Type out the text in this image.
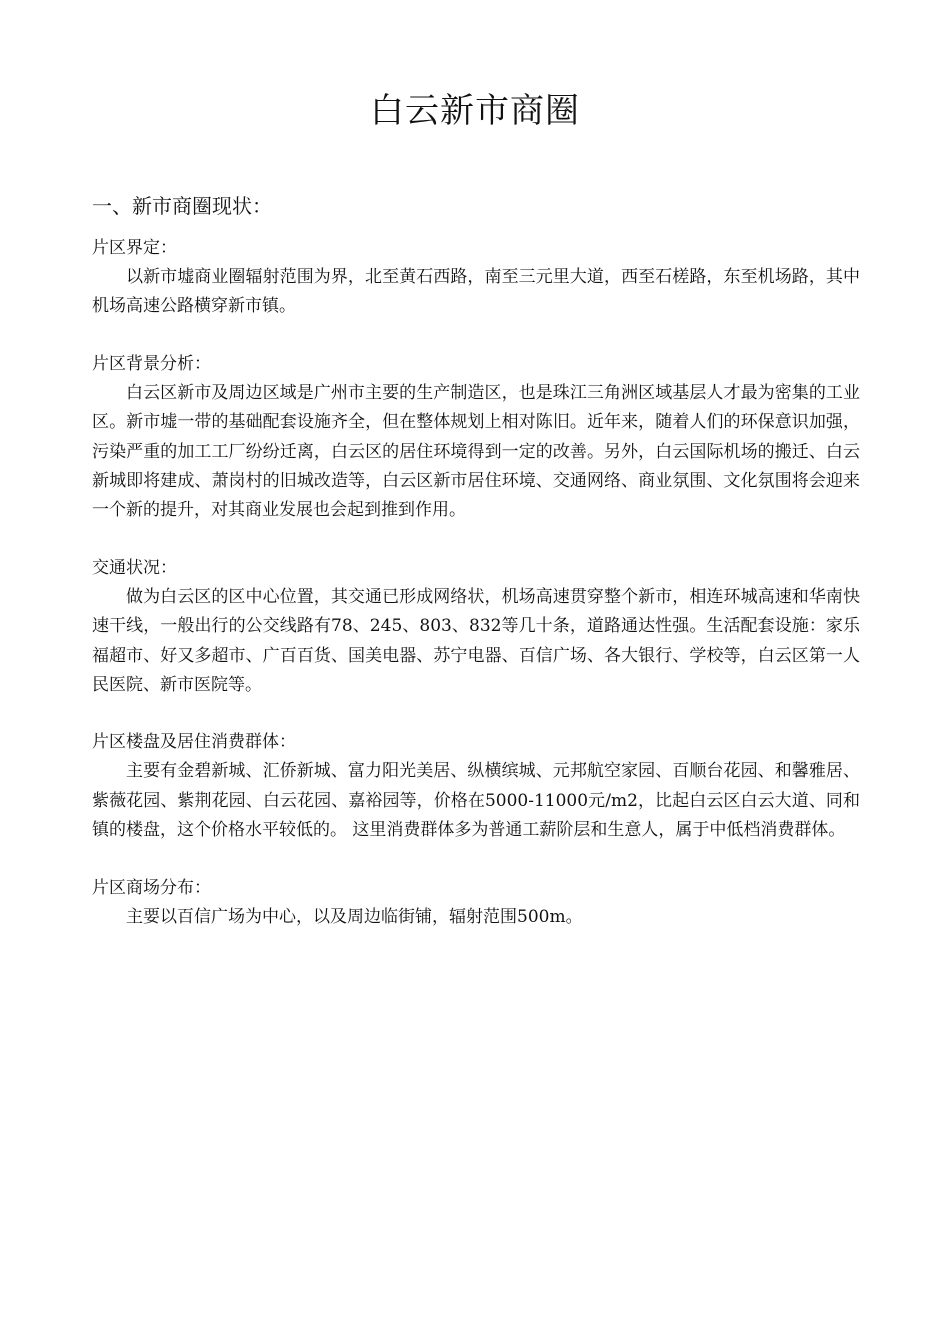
白云新市商圈
一、新市商圈现状：
片区界定：

以新市墟商业圈辐射范围为界，北至黄石西路，南至三元里大道，西至石槎路，东至机场路，其中机场高速公路横穿新市镇。

片区背景分析：

白云区新市及周边区域是广州市主要的生产制造区，也是珠江三角洲区域基层人才最为密集的工业区。新市墟一带的基础配套设施齐全，但在整体规划上相对陈旧。近年来，随着人们的环保意识加强，污染严重的加工工厂纷纷迁离，白云区的居住环境得到一定的改善。另外，白云国际机场的搬迁、白云新城即将建成、萧岗村的旧城改造等，白云区新市居住环境、交通网络、商业氛围、文化氛围将会迎来一个新的提升，对其商业发展也会起到推到作用。

交通状况：

做为白云区的区中心位置，其交通已形成网络状，机场高速贯穿整个新市，相连环城高速和华南快速干线，一般出行的公交线路有78、245、803、832等几十条，道路通达性强。生活配套设施：家乐福超市、好又多超市、广百百货、国美电器、苏宁电器、百信广场、各大银行、学校等，白云区第一人民医院、新市医院等。

片区楼盘及居住消费群体：

主要有金碧新城、汇侨新城、富力阳光美居、纵横缤城、元邦航空家园、百顺台花园、和馨雅居、紫薇花园、紫荆花园、白云花园、嘉裕园等，价格在5000-11000元/m2，比起白云区白云大道、同和镇的楼盘，这个价格水平较低的。 这里消费群体多为普通工薪阶层和生意人，属于中低档消费群体。

片区商场分布：

主要以百信广场为中心，以及周边临街铺，辐射范围500m。
